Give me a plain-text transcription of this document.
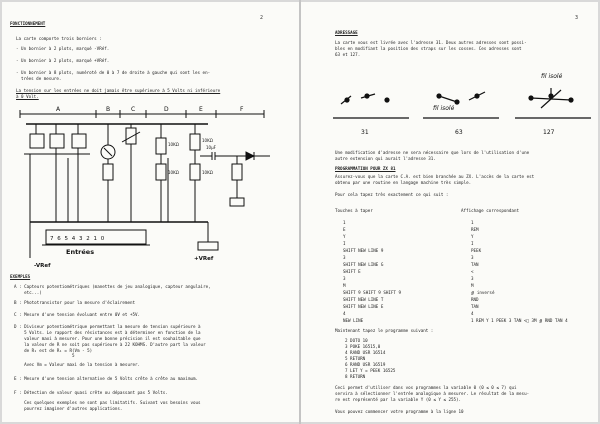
2
FONCTIONNEMENT
La carte comporte trois borniers :
- Un bornier à 2 plots, marqué -VRéf.
- Un bornier à 2 plots, marqué +VRéf.
- Un bornier à 8 plots, numéroté de 0 à 7 de droite à gauche qui sont les en-
trées de mesure.
La tension sur les entrées ne doit jamais être supérieure à 5 Volts ni inférieure
à 0 Volt.
A	B	C	D	E	F
10KΩ
10KΩ
10KΩ
10KΩ
10µF
7 6 5 4 3 2 1 0
Entrées
+VRef
-VRef
EXEMPLES
A : Capteurs potentiométriques (manettes de jeu analogique, capteur angulaire,
etc...)
B : Phototransistor pour la mesure d'éclairement
C : Mesure d'une tension évoluant entre 0V et +5V.
D : Diviseur potentiométrique permettant la mesure de tension supérieure à
5 Volts. Le rapport des résistances est à déterminer en fonction de la
valeur maxi à mesurer. Pour une bonne précision il est souhaitable que
la valeur de R ne soit pas supérieure à 22 KOHMS. D'autre part la valeur
de R₁ est de R₁ = R(Vm - 5)
5
Avec Vm = Valeur maxi de la tension à mesurer.
E : Mesure d'une tension alternative de 5 Volts crête à crête au maximum.
F : Détection de valeur quasi crête ou dépassant pas 5 Volts.
Ces quelques exemples ne sont pas limitatifs. Suivant vos besoins vous
pourrez imaginer d'autres applications.
3
ADRESSAGE
La carte vous est livrée avec l'adresse 31. Deux autres adresses sont possi-
bles en modifiant la position des straps sur les cosses. Ces adresses sont
63 et 127.
31	63	127
fil isolé
fil isolé
Une modification d'adresse ne sera nécessaire que lors de l'utilisation d'une
autre extension qui aurait l'adresse 31.
PROGRAMMATION POUR ZX 81
Assurez-vous que la carte C.A. est bien branchée au ZX. L'accès de la carte est
obtenu par une routine en langage machine très simple.
Pour cela tapez très exactement ce qui suit :
Touches à taper	Affichage correspondant
1	1
E	REM
Y	Y
I	I
SHIFT NEW LINE 9	PEEK
3	3
SHIFT NEW LINE G	TAN
SHIFT E	<
3	3
M	M
SHIFT 9 SHIFT 9 SHIFT 9	∯ inversé
SHIFT NEW LINE T	RND
SHIFT NEW LINE E	TAN
4	4
NEW LINE	1 REM Y 1 PEEK 3 TAN <□ 3M ∯ RND TAN 4
Maintenant tapez le programme suivant :
2 DOTO 10
3 POKE 16515,0
4 RAND USR 16514
5 RETURN
6 RAND USR 16519
7 LET Y = PEEK 16525
8 RETURN
Ceci permet d'utiliser dans vos programmes la variable 0 (0 ≤ 0 ≤ 7) qui
servira à sélectionner l'entrée analogique à mesurer. Le résultat de la mesu-
re est représenté par la variable Y (0 ≤ Y ≤ 255).
Vous pouvez commencer votre programme à la ligne 10
